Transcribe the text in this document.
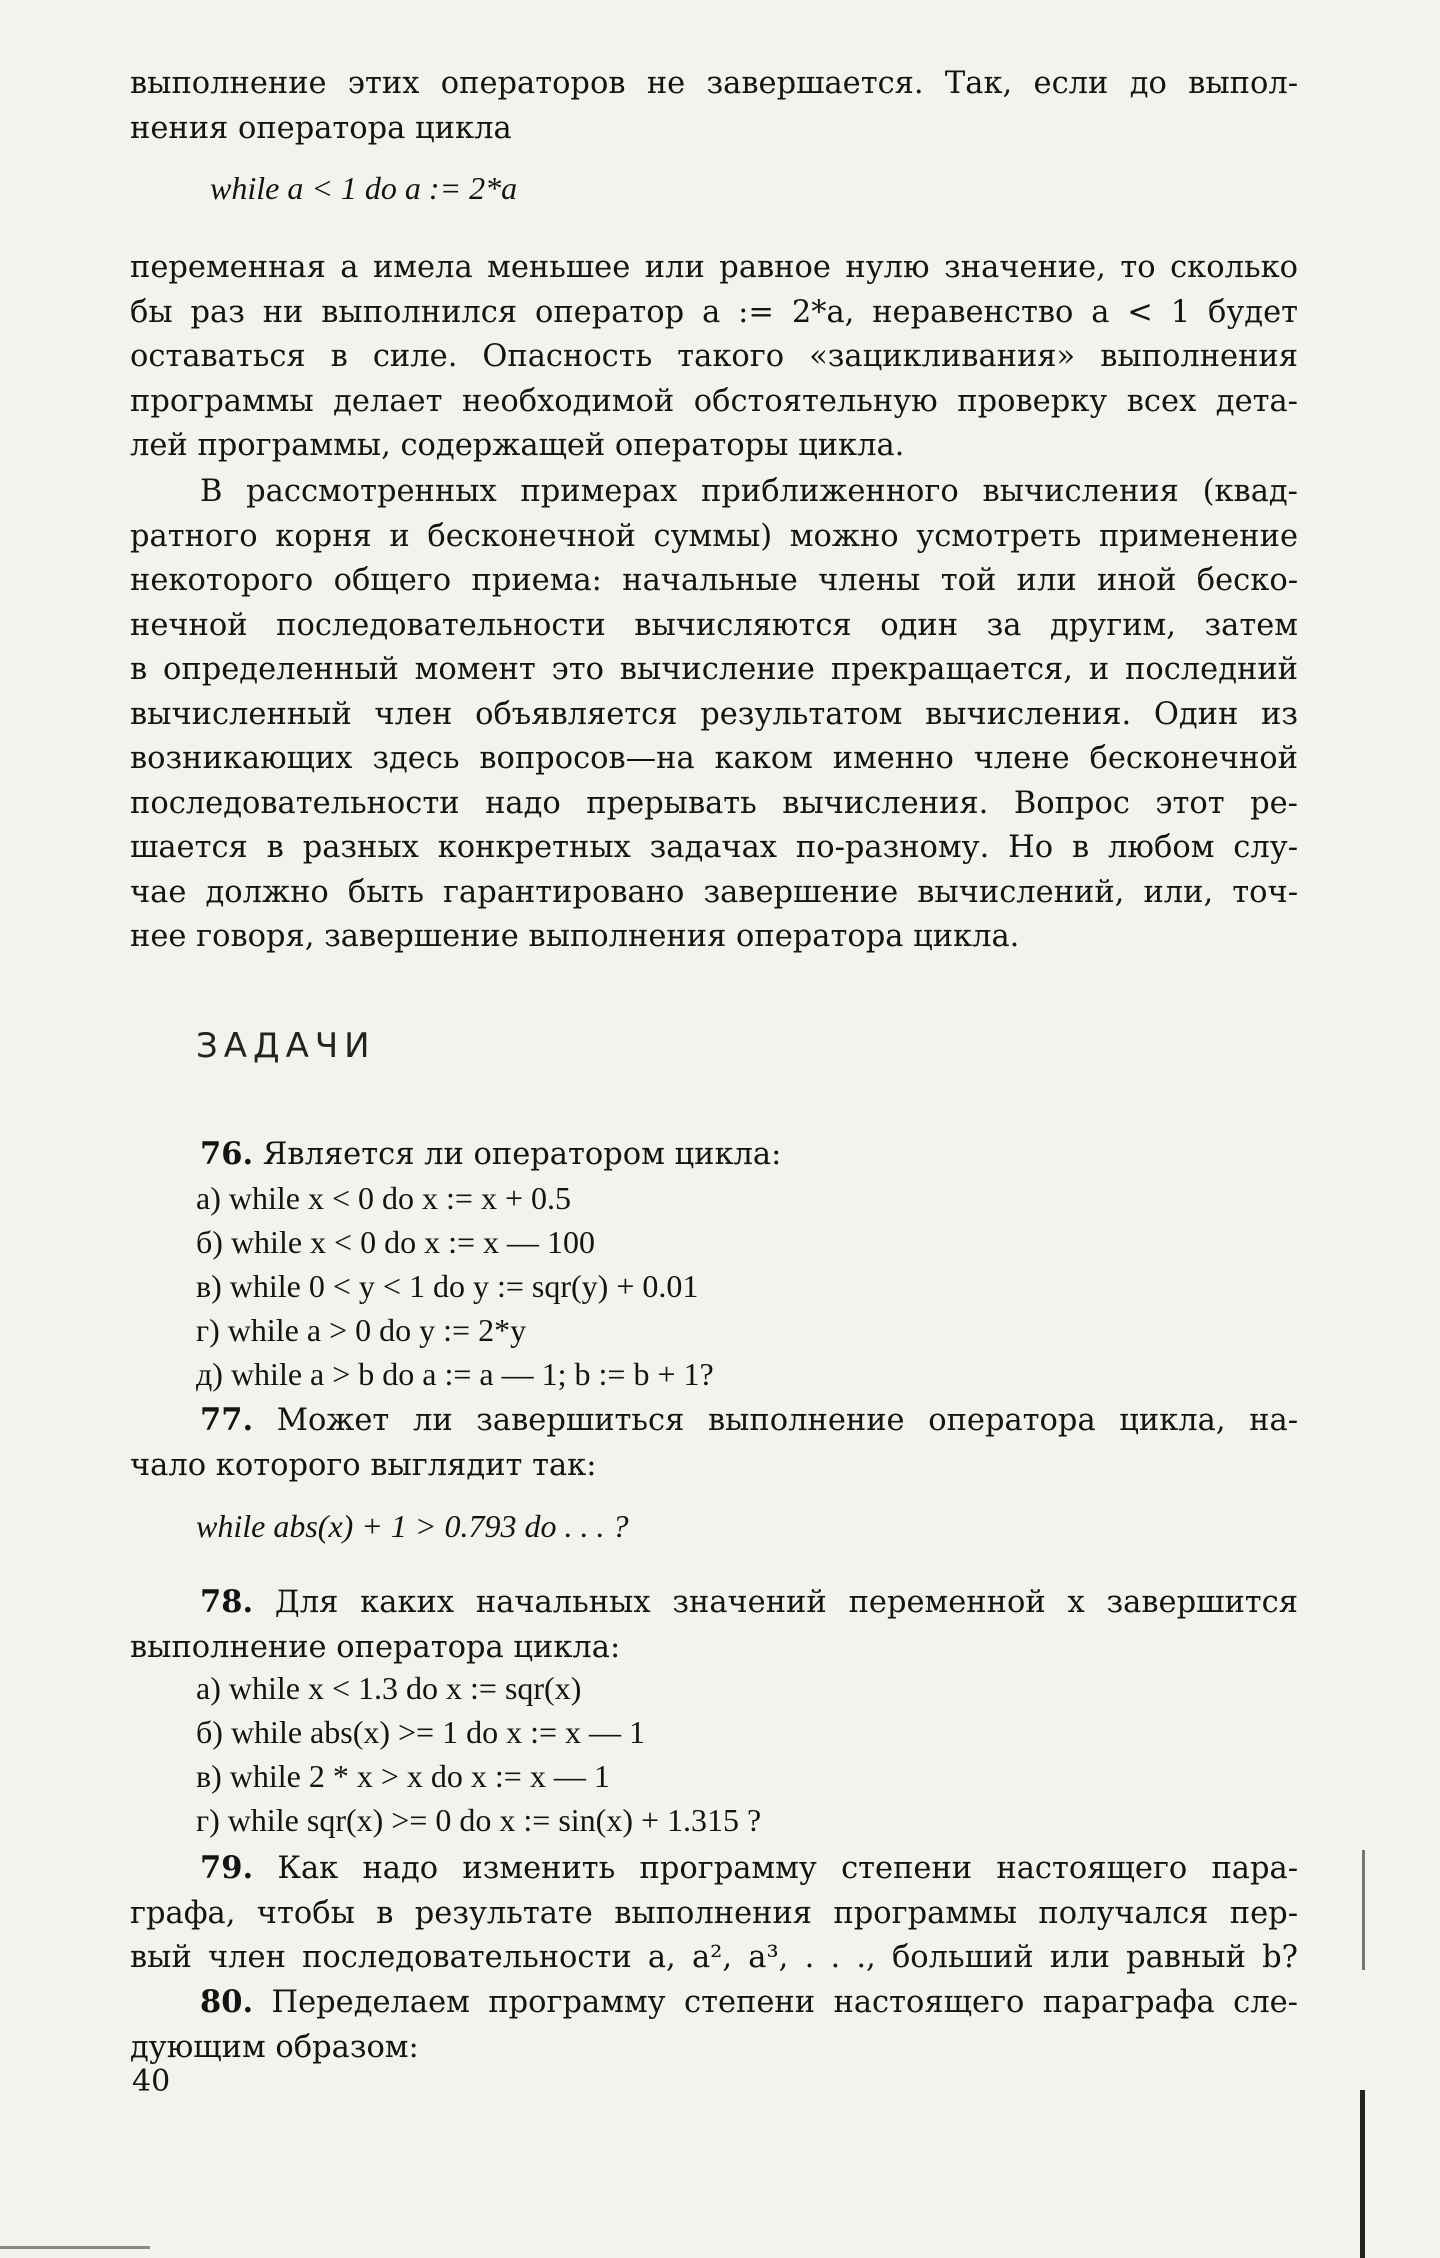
выполнение этих операторов не завершается. Так, если до выпол-
нения оператора цикла
while a < 1 do a := 2*a
переменная a имела меньшее или равное нулю значение, то сколько
бы раз ни выполнился оператор a := 2*a, неравенство a < 1 будет
оставаться в силе. Опасность такого «зацикливания» выполнения
программы делает необходимой обстоятельную проверку всех дета-
лей программы, содержащей операторы цикла.
В рассмотренных примерах приближенного вычисления (квад-
ратного корня и бесконечной суммы) можно усмотреть применение
некоторого общего приема: начальные члены той или иной беско-
нечной последовательности вычисляются один за другим, затем
в определенный момент это вычисление прекращается, и последний
вычисленный член объявляется результатом вычисления. Один из
возникающих здесь вопросов—на каком именно члене бесконечной
последовательности надо прерывать вычисления. Вопрос этот ре-
шается в разных конкретных задачах по-разному. Но в любом слу-
чае должно быть гарантировано завершение вычислений, или, точ-
нее говоря, завершение выполнения оператора цикла.
ЗАДАЧИ
76. Является ли оператором цикла:
а) while x < 0 do x := x + 0.5
б) while x < 0 do x := x — 100
в) while 0 < y < 1 do y := sqr(y) + 0.01
г) while a > 0 do y := 2*y
д) while a > b do a := a — 1; b := b + 1?
77. Может ли завершиться выполнение оператора цикла, на-
чало которого выглядит так:
while abs(x) + 1 > 0.793 do . . . ?
78. Для каких начальных значений переменной x завершится
выполнение оператора цикла:
а) while x < 1.3 do x := sqr(x)
б) while abs(x) >= 1 do x := x — 1
в) while 2 * x > x do x := x — 1
г) while sqr(x) >= 0 do x := sin(x) + 1.315 ?
79. Как надо изменить программу степени настоящего пара-
графа, чтобы в результате выполнения программы получался пер-
вый член последовательности a, a², a³, . . ., больший или равный b?
80. Переделаем программу степени настоящего параграфа сле-
дующим образом:
40
